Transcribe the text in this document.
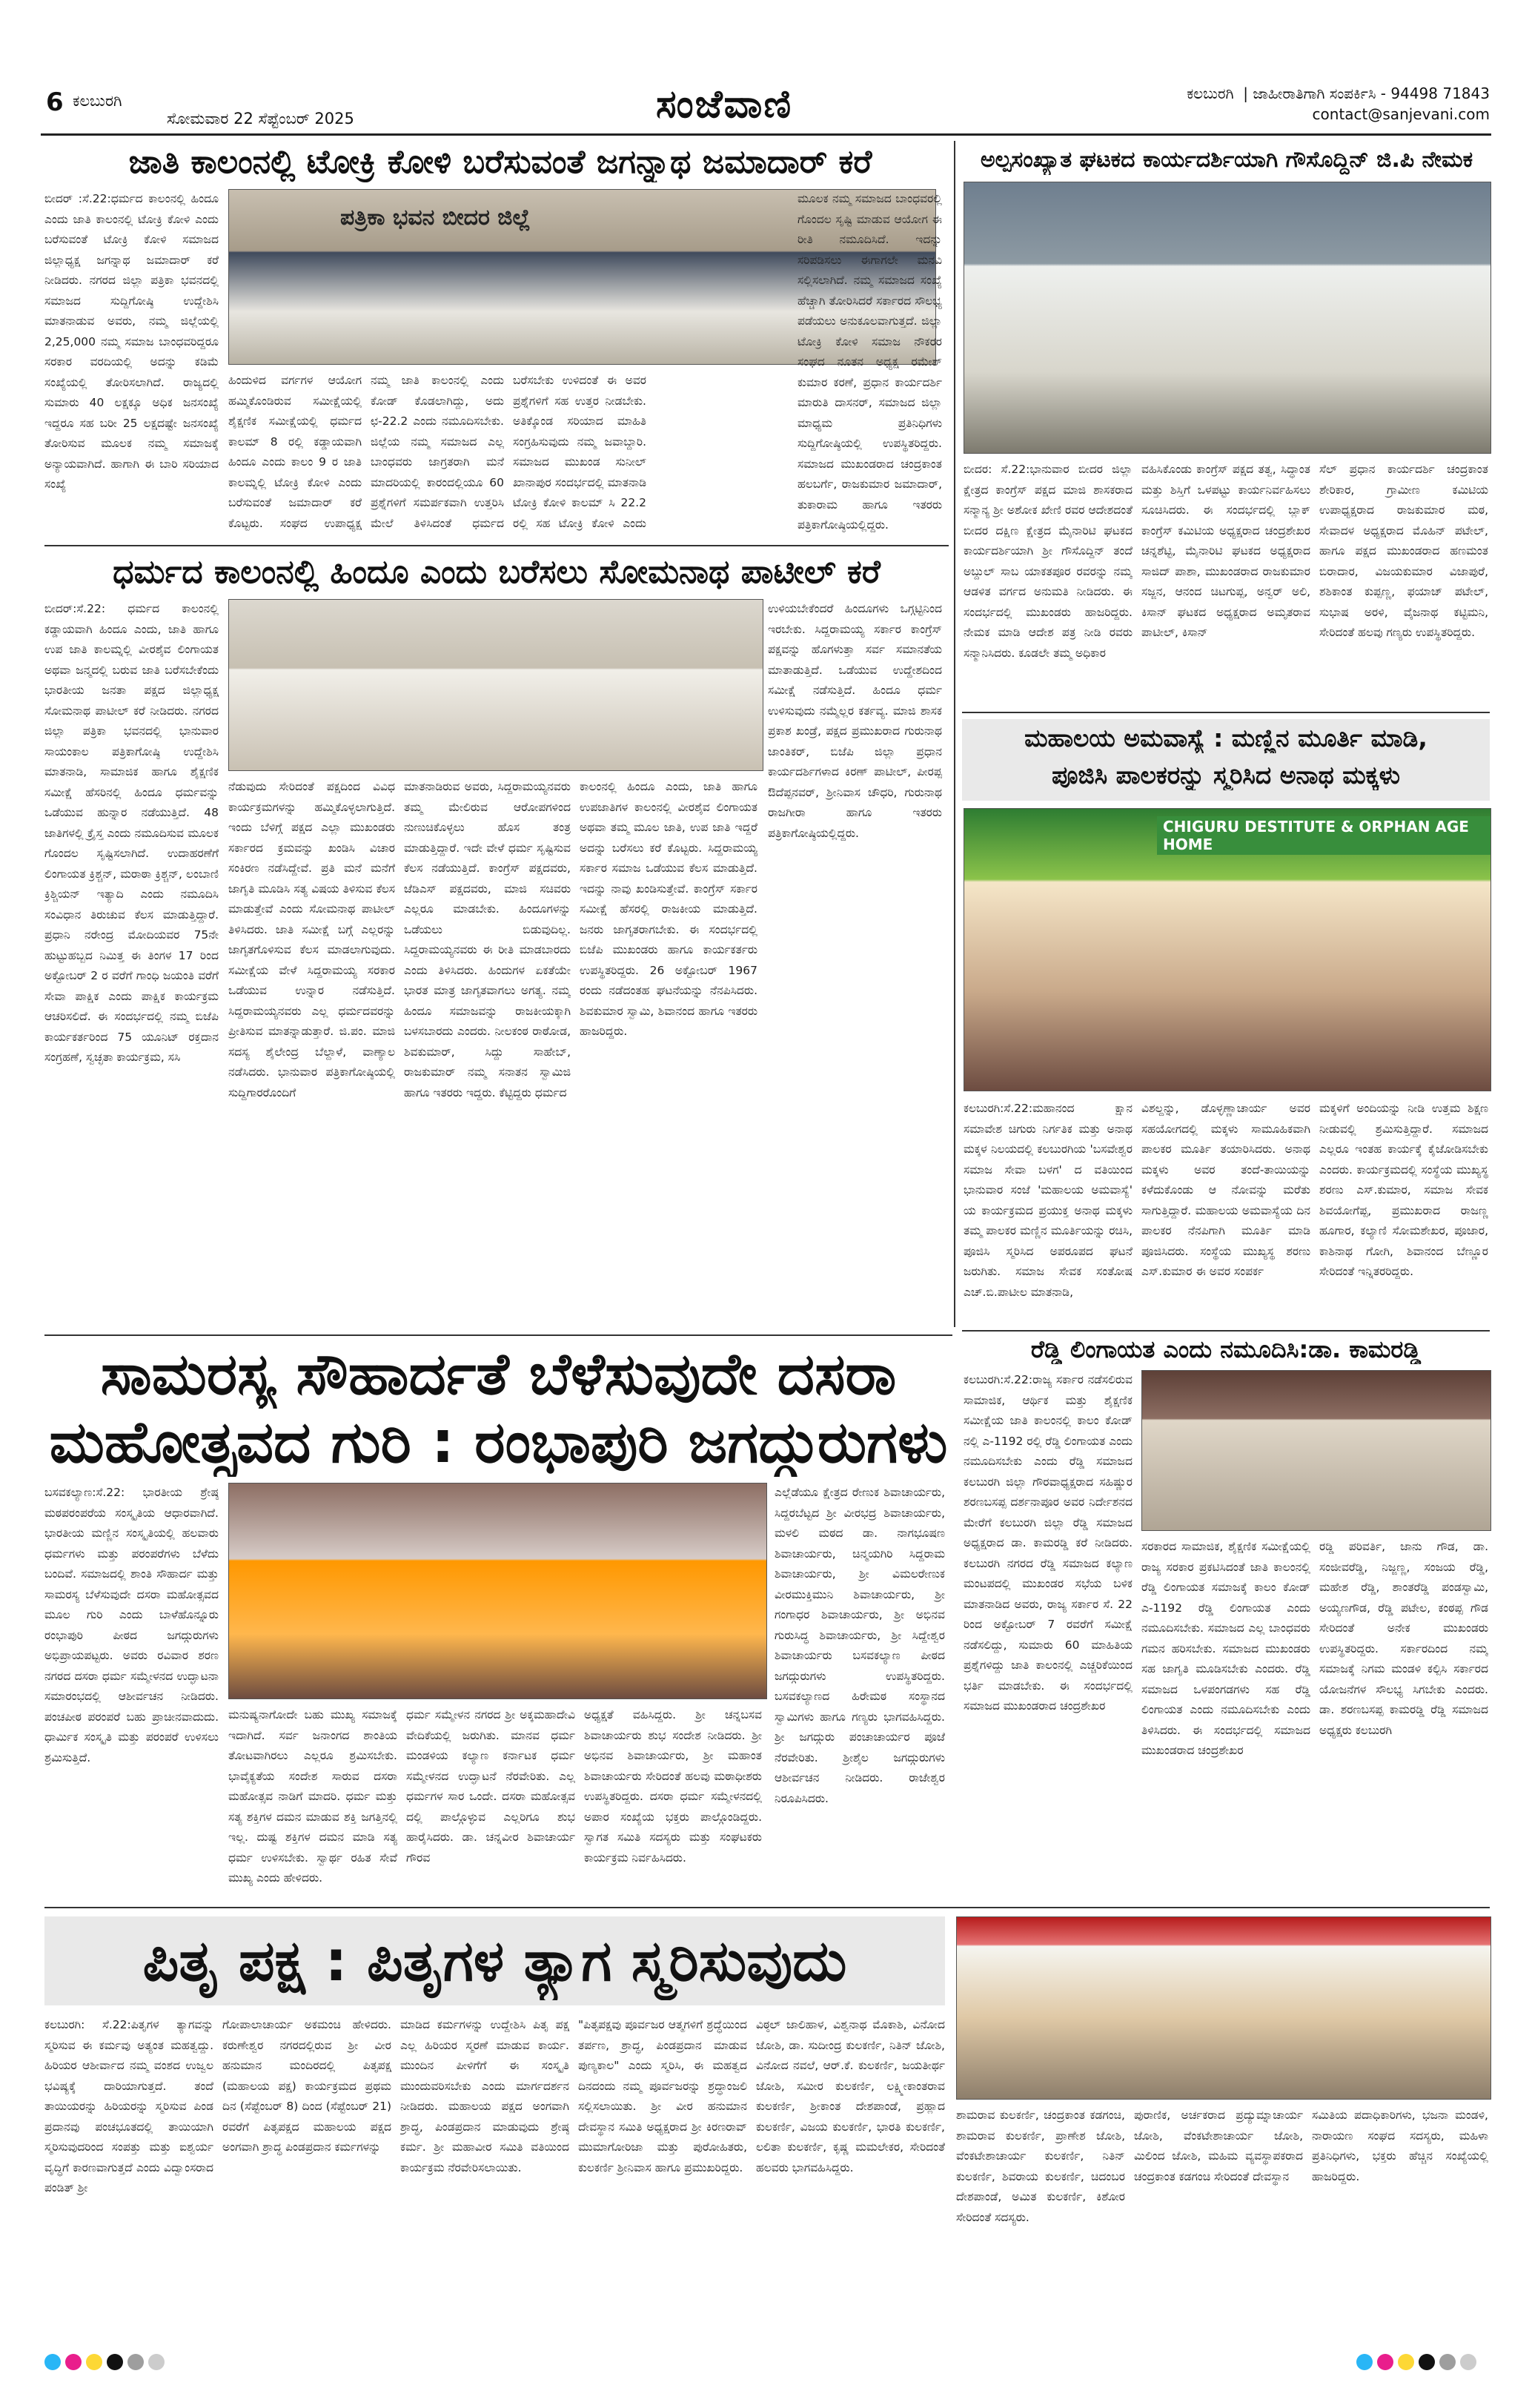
6 ಕಲಬುರಗಿ
ಸೋಮವಾರ 22 ಸೆಪ್ಟೆಂಬರ್ 2025	ಸಂಜೆವಾಣಿ	ಕಲಬುರಗಿ | ಜಾಹೀರಾತಿಗಾಗಿ ಸಂಪರ್ಕಿಸಿ - 94498 71843
contact@sanjevani.com
ಜಾತಿ ಕಾಲಂನಲ್ಲಿ ಟೋಕ್ರಿ ಕೋಳಿ ಬರೆಸುವಂತೆ ಜಗನ್ನಾಥ ಜಮಾದಾರ್ ಕರೆ

ಬೀದರ್ :ಸೆ.22:ಧರ್ಮದ ಕಾಲಂನಲ್ಲಿ ಹಿಂದೂ ಎಂದು ಜಾತಿ ಕಾಲಂನಲ್ಲಿ ಟೋಕ್ರಿ ಕೋಳಿ ಎಂದು ಬರೆಸುವಂತೆ ಟೋಕ್ರಿ ಕೋಳಿ ಸಮಾಜದ ಜಿಲ್ಲಾಧ್ಯಕ್ಷ ಜಗನ್ನಾಥ ಜಮಾದಾರ್ ಕರೆ ನೀಡಿದರು. ನಗರದ ಜಿಲ್ಲಾ ಪತ್ರಿಕಾ ಭವನದಲ್ಲಿ ಸಮಾಜದ ಸುದ್ದಿಗೋಷ್ಠಿ ಉದ್ದೇಶಿಸಿ ಮಾತನಾಡುವ ಅವರು, ನಮ್ಮ ಜಿಲ್ಲೆಯಲ್ಲಿ 2,25,000 ನಮ್ಮ ಸಮಾಜ ಬಾಂಧವರಿದ್ದರೂ ಸರಕಾರ ವರದಿಯಲ್ಲಿ ಅದನ್ನು ಕಡಿಮೆ ಸಂಖ್ಯೆಯಲ್ಲಿ ತೋರಿಸಲಾಗಿದೆ. ರಾಜ್ಯದಲ್ಲಿ ಸುಮಾರು 40 ಲಕ್ಷಕ್ಕೂ ಅಧಿಕ ಜನಸಂಖ್ಯೆ ಇದ್ದರೂ ಸಹ ಬರೀ 25 ಲಕ್ಷದಷ್ಟೇ ಜನಸಂಖ್ಯೆ ತೋರಿಸುವ ಮೂಲಕ ನಮ್ಮ ಸಮಾಜಕ್ಕೆ ಅನ್ಯಾಯವಾಗಿದೆ. ಹಾಗಾಗಿ ಈ ಬಾರಿ ಸರಿಯಾದ ಸಂಖ್ಯೆ

ಪತ್ರಿಕಾ ಭವನ ಬೀದರ ಜಿಲ್ಲೆ

ಹಿಂದುಳಿದ ವರ್ಗಗಳ ಆಯೋಗ ಹಮ್ಮಿಕೊಂಡಿರುವ ಸಮೀಕ್ಷೆಯಲ್ಲಿ ಶೈಕ್ಷಣಿಕ ಸಮೀಕ್ಷೆಯಲ್ಲಿ ಧರ್ಮದ ಕಾಲಮ್ 8 ರಲ್ಲಿ ಕಡ್ಡಾಯವಾಗಿ ಹಿಂದೂ ಎಂದು ಕಾಲಂ 9 ರ ಜಾತಿ ಕಾಲಮ್ನಲ್ಲಿ ಟೋಕ್ರಿ ಕೋಳಿ ಎಂದು ಬರೆಸುವಂತೆ ಜಮಾದಾರ್ ಕರೆ ಕೊಟ್ಟರು. ಸಂಘದ ಉಪಾಧ್ಯಕ್ಷ

ನಮ್ಮ ಜಾತಿ ಕಾಲಂನಲ್ಲಿ ಎಂದು ಕೋಡ್ ಕೊಡಲಾಗಿದ್ದು, ಅದು ಛ-22.2 ಎಂದು ನಮೂದಿಸಬೇಕು. ಜಿಲ್ಲೆಯ ನಮ್ಮ ಸಮಾಜದ ಎಲ್ಲ ಬಾಂಧವರು ಜಾಗ್ರತರಾಗಿ ಮನೆ ಮಾದರಿಯಲ್ಲಿ ಕಾರಂದಲ್ಲಿಯೂ 60 ಪ್ರಶ್ನೆಗಳಿಗೆ ಸಮರ್ಪಕವಾಗಿ ಉತ್ತರಿಸಿ ಮೇಲೆ ತಿಳಿಸಿದಂತೆ ಧರ್ಮದ

ಬರೆಸಬೇಕು ಉಳಿದಂತೆ ಈ ಅವರ ಪ್ರಶ್ನೆಗಳಿಗೆ ಸಹ ಉತ್ತರ ನೀಡಬೇಕು. ಅತಿಕ್ಕೊಂಡ ಸರಿಯಾದ ಮಾಹಿತಿ ಸಂಗ್ರಹಿಸುವುದು ನಮ್ಮ ಜವಾಬ್ದಾರಿ. ಸಮಾಜದ ಮುಖಂಡ ಸುನೀಲ್ ಖಾನಾಪುರ ಸಂದರ್ಭದಲ್ಲಿ ಮಾತನಾಡಿ ಟೋಕ್ರಿ ಕೋಳಿ ಕಾಲಮ್ ಸಿ 22.2 ರಲ್ಲಿ ಸಹ ಟೋಕ್ರಿ ಕೋಳಿ ಎಂದು

ಮೂಲಕ ನಮ್ಮ ಸಮಾಜದ ಬಾಂಧವರಲ್ಲಿ ಗೊಂದಲ ಸೃಷ್ಟಿ ಮಾಡುವ ಆಯೋಗ ಈ ರೀತಿ ನಮೂದಿಸಿದೆ. ಇದನ್ನು ಸರಿಪಡಿಸಲು ಈಗಾಗಲೇ ಮನವಿ ಸಲ್ಲಿಸಲಾಗಿದೆ. ನಮ್ಮ ಸಮಾಜದ ಸಂಖ್ಯೆ ಹೆಚ್ಚಾಗಿ ತೋರಿಸಿದರೆ ಸರ್ಕಾರದ ಸೌಲಭ್ಯ ಪಡೆಯಲು ಅನುಕೂಲವಾಗುತ್ತದೆ. ಜಿಲ್ಲಾ ಟೋಕ್ರಿ ಕೋಳಿ ಸಮಾಜ ನೌಕರರ ಸಂಘದ ನೂತನ ಅಧ್ಯಕ್ಷ ರಮೇಶ್ ಕುಮಾರ ಕರಣೆ, ಪ್ರಧಾನ ಕಾರ್ಯದರ್ಶಿ ಮಾರುತಿ ದಾಸನರ್, ಸಮಾಜದ ಜಿಲ್ಲಾ ಮಾಧ್ಯಮ ಪ್ರತಿನಿಧಿಗಳು ಸುದ್ದಿಗೋಷ್ಠಿಯಲ್ಲಿ ಉಪಸ್ಥಿತರಿದ್ದರು. ಸಮಾಜದ ಮುಖಂಡರಾದ ಚಂದ್ರಕಾಂತ ಹಲಬರ್ಗೆ, ರಾಜಕುಮಾರ ಜಮಾದಾರ್, ತುಕಾರಾಮ ಹಾಗೂ ಇತರರು ಪತ್ರಿಕಾಗೋಷ್ಠಿಯಲ್ಲಿದ್ದರು.

ಧರ್ಮದ ಕಾಲಂನಲ್ಲಿ ಹಿಂದೂ ಎಂದು ಬರೆಸಲು ಸೋಮನಾಥ ಪಾಟೀಲ್ ಕರೆ

ಬೀದರ್:ಸೆ.22: ಧರ್ಮದ ಕಾಲಂನಲ್ಲಿ ಕಡ್ಡಾಯವಾಗಿ ಹಿಂದೂ ಎಂದು, ಜಾತಿ ಹಾಗೂ ಉಪ ಜಾತಿ ಕಾಲಮ್ನಲ್ಲಿ ವೀರಶೈವ ಲಿಂಗಾಯತ ಅಥವಾ ಜನ್ಮದಲ್ಲಿ ಬರುವ ಜಾತಿ ಬರೆಸಬೇಕೆಂದು ಭಾರತೀಯ ಜನತಾ ಪಕ್ಷದ ಜಿಲ್ಲಾಧ್ಯಕ್ಷ ಸೋಮನಾಥ ಪಾಟೀಲ್ ಕರೆ ನೀಡಿದರು. ನಗರದ ಜಿಲ್ಲಾ ಪತ್ರಿಕಾ ಭವನದಲ್ಲಿ ಭಾನುವಾರ ಸಾಯಂಕಾಲ ಪತ್ರಿಕಾಗೋಷ್ಠಿ ಉದ್ದೇಶಿಸಿ ಮಾತನಾಡಿ, ಸಾಮಾಜಿಕ ಹಾಗೂ ಶೈಕ್ಷಣಿಕ ಸಮೀಕ್ಷೆ ಹೆಸರಿನಲ್ಲಿ ಹಿಂದೂ ಧರ್ಮವನ್ನು ಒಡೆಯುವ ಹುನ್ನಾರ ನಡೆಯುತ್ತಿದೆ. 48 ಜಾತಿಗಳಲ್ಲಿ ಕ್ರೈಸ್ತ ಎಂದು ನಮೂದಿಸುವ ಮೂಲಕ ಗೊಂದಲ ಸೃಷ್ಟಿಸಲಾಗಿದೆ. ಉದಾಹರಣೆಗೆ ಲಿಂಗಾಯತ ಕ್ರಿಶ್ಚನ್, ಮರಾಠಾ ಕ್ರಿಶ್ಚನ್, ಲಂಬಾಣಿ ಕ್ರಿಶ್ಚಿಯನ್ ಇತ್ಯಾದಿ ಎಂದು ನಮೂದಿಸಿ ಸಂವಿಧಾನ ತಿರುಚುವ ಕೆಲಸ ಮಾಡುತ್ತಿದ್ದಾರೆ. ಪ್ರಧಾನಿ ನರೇಂದ್ರ ಮೋದಿಯವರ 75ನೇ ಹುಟ್ಟುಹಬ್ಬದ ನಿಮಿತ್ತ ಈ ತಿಂಗಳ 17 ರಿಂದ ಅಕ್ಟೋಬರ್ 2 ರ ವರೆಗೆ ಗಾಂಧಿ ಜಯಂತಿ ವರೆಗೆ ಸೇವಾ ಪಾಕ್ಷಿಕ ಎಂದು ಪಾಕ್ಷಿಕ ಕಾರ್ಯಕ್ರಮ ಆಚರಿಸಲಿದೆ. ಈ ಸಂದರ್ಭದಲ್ಲಿ ನಮ್ಮ ಬಿಜೆಪಿ ಕಾರ್ಯಕರ್ತರಿಂದ 75 ಯೂನಿಟ್ ರಕ್ತದಾನ ಸಂಗ್ರಹಣೆ, ಸ್ವಚ್ಛತಾ ಕಾರ್ಯಕ್ರಮ, ಸಸಿ

ನೆಡುವುದು ಸೇರಿದಂತೆ ಪಕ್ಷದಿಂದ ವಿವಿಧ ಕಾರ್ಯಕ್ರಮಗಳನ್ನು ಹಮ್ಮಿಕೊಳ್ಳಲಾಗುತ್ತಿದೆ. ಇಂದು ಬೆಳಿಗ್ಗೆ ಪಕ್ಷದ ಎಲ್ಲಾ ಮುಖಂಡರು ಸರ್ಕಾರದ ಕ್ರಮವನ್ನು ಖಂಡಿಸಿ ವಿಚಾರ ಸಂಕಿರಣ ನಡೆಸಿದ್ದೇವೆ. ಪ್ರತಿ ಮನೆ ಮನೆಗೆ ಜಾಗೃತಿ ಮೂಡಿಸಿ ಸತ್ಯ ವಿಷಯ ತಿಳಿಸುವ ಕೆಲಸ ಮಾಡುತ್ತೇವೆ ಎಂದು ಸೋಮನಾಥ ಪಾಟೀಲ್ ತಿಳಿಸಿದರು. ಜಾತಿ ಸಮೀಕ್ಷೆ ಬಗ್ಗೆ ಎಲ್ಲರನ್ನು ಜಾಗೃತಗೊಳಿಸುವ ಕೆಲಸ ಮಾಡಲಾಗುವುದು. ಸಮೀಕ್ಷೆಯ ವೇಳೆ ಸಿದ್ದರಾಮಯ್ಯ ಸರಕಾರ ಒಡೆಯುವ ಉನ್ನಾರ ನಡೆಸುತ್ತಿದೆ. ಸಿದ್ದರಾಮಯ್ಯನವರು ಎಲ್ಲ ಧರ್ಮದವರನ್ನು ಪ್ರೀತಿಸುವ ಮಾತನ್ನಾಡುತ್ತಾರೆ. ಜಿ.ಪಂ. ಮಾಜಿ ಸದಸ್ಯ ಶೈಲೇಂದ್ರ ಬೆಲ್ದಾಳೆ, ವಾಣ್ಯಾಲ ನಡೆಸಿದರು. ಭಾನುವಾರ ಪತ್ರಿಕಾಗೋಷ್ಠಿಯಲ್ಲಿ ಸುದ್ದಿಗಾರರೊಂದಿಗೆ

ಮಾತನಾಡಿರುವ ಅವರು, ಸಿದ್ದರಾಮಯ್ಯನವರು ತಮ್ಮ ಮೇಲಿರುವ ಆರೋಪಗಳಿಂದ ನುಣುಚಿಕೊಳ್ಳಲು ಹೊಸ ತಂತ್ರ ಮಾಡುತ್ತಿದ್ದಾರೆ. ಇದೇ ವೇಳೆ ಧರ್ಮ ಸೃಷ್ಟಿಸುವ ಕೆಲಸ ನಡೆಯುತ್ತಿದೆ. ಕಾಂಗ್ರೆಸ್ ಪಕ್ಷದವರು, ಜೆಡಿಎಸ್ ಪಕ್ಷದವರು, ಮಾಜಿ ಸಚಿವರು ಎಲ್ಲರೂ ಮಾಡಬೇಕು. ಹಿಂದೂಗಳನ್ನು ಒಡೆಯಲು ಬಿಡುವುದಿಲ್ಲ. ಸಿದ್ದರಾಮಯ್ಯನವರು ಈ ರೀತಿ ಮಾಡಬಾರದು ಎಂದು ತಿಳಿಸಿದರು. ಹಿಂದುಗಳ ಏಕತೆಯೇ ಭಾರತ ಮಾತ್ರ ಜಾಗೃತವಾಗಲು ಅಗತ್ಯ. ನಮ್ಮ ಹಿಂದೂ ಸಮಾಜವನ್ನು ರಾಜಕೀಯಕ್ಕಾಗಿ ಬಳಸಬಾರದು ಎಂದರು. ನೀಲಕಂಠ ರಾಠೋಡ, ಶಿವಕುಮಾರ್, ಸಿದ್ದು ಸಾಹೇಬ್, ರಾಜಕುಮಾರ್ ನಮ್ಮ ಸನಾತನ ಸ್ವಾಮಿಜಿ ಹಾಗೂ ಇತರರು ಇದ್ದರು. ಕೆಟ್ಟಿದ್ದರು ಧರ್ಮದ

ಕಾಲಂನಲ್ಲಿ ಹಿಂದೂ ಎಂದು, ಜಾತಿ ಹಾಗೂ ಉಪಜಾತಿಗಳ ಕಾಲಂನಲ್ಲಿ ವೀರಶೈವ ಲಿಂಗಾಯತ ಅಥವಾ ತಮ್ಮ ಮೂಲ ಜಾತಿ, ಉಪ ಜಾತಿ ಇದ್ದರೆ ಅದನ್ನು ಬರೆಸಲು ಕರೆ ಕೊಟ್ಟರು. ಸಿದ್ದರಾಮಯ್ಯ ಸರ್ಕಾರ ಸಮಾಜ ಒಡೆಯುವ ಕೆಲಸ ಮಾಡುತ್ತಿದೆ. ಇದನ್ನು ನಾವು ಖಂಡಿಸುತ್ತೇವೆ. ಕಾಂಗ್ರೆಸ್ ಸರ್ಕಾರ ಸಮೀಕ್ಷೆ ಹೆಸರಲ್ಲಿ ರಾಜಕೀಯ ಮಾಡುತ್ತಿದೆ. ಜನರು ಜಾಗೃತರಾಗಬೇಕು. ಈ ಸಂದರ್ಭದಲ್ಲಿ ಬಿಜೆಪಿ ಮುಖಂಡರು ಹಾಗೂ ಕಾರ್ಯಕರ್ತರು ಉಪಸ್ಥಿತರಿದ್ದರು. 26 ಅಕ್ಟೋಬರ್ 1967 ರಂದು ನಡೆದಂತಹ ಘಟನೆಯನ್ನು ನೆನಪಿಸಿದರು. ಶಿವಕುಮಾರ ಸ್ವಾಮಿ, ಶಿವಾನಂದ ಹಾಗೂ ಇತರರು ಹಾಜರಿದ್ದರು.

ಉಳಿಯಬೇಕೆಂದರೆ ಹಿಂದೂಗಳು ಒಗ್ಗಟ್ಟಿನಿಂದ ಇರಬೇಕು. ಸಿದ್ದರಾಮಯ್ಯ ಸರ್ಕಾರ ಕಾಂಗ್ರೆಸ್ ಪಕ್ಷವನ್ನು ಹೊಗಳುತ್ತಾ ಸರ್ವ ಸಮಾನತೆಯ ಮಾತಾಡುತ್ತಿದೆ. ಒಡೆಯುವ ಉದ್ದೇಶದಿಂದ ಸಮೀಕ್ಷೆ ನಡೆಸುತ್ತಿದೆ. ಹಿಂದೂ ಧರ್ಮ ಉಳಿಸುವುದು ನಮ್ಮೆಲ್ಲರ ಕರ್ತವ್ಯ. ಮಾಜಿ ಶಾಸಕ ಪ್ರಕಾಶ ಖಂಡ್ರೆ, ಪಕ್ಷದ ಪ್ರಮುಖರಾದ ಗುರುನಾಥ ಜಾಂತಿಕರ್, ಬಿಜೆಪಿ ಜಿಲ್ಲಾ ಪ್ರಧಾನ ಕಾರ್ಯದರ್ಶಿಗಳಾದ ಕಿರಣ್ ಪಾಟೀಲ್, ಪೀರಪ್ಪ ಔದೆಪ್ಪನವರ್, ಶ್ರೀನಿವಾಸ ಚೌಧರಿ, ಗುರುನಾಥ ರಾಜಗೀರಾ ಹಾಗೂ ಇತರರು ಪತ್ರಿಕಾಗೋಷ್ಠಿಯಲ್ಲಿದ್ದರು.

ಅಲ್ಪಸಂಖ್ಯಾತ ಘಟಕದ ಕಾರ್ಯದರ್ಶಿಯಾಗಿ ಗೌಸೊದ್ದಿನ್ ಜಿ.ಪಿ ನೇಮಕ

ಬೀದರ: ಸೆ.22:ಭಾನುವಾರ ಬೀದರ ಜಿಲ್ಲಾ ಕ್ಷೇತ್ರದ ಕಾಂಗ್ರೆಸ್ ಪಕ್ಷದ ಮಾಜಿ ಶಾಸಕರಾದ ಸನ್ಮಾನ್ಯ ಶ್ರೀ ಅಶೋಕ ಖೇಣಿ ರವರ ಆದೇಶದಂತೆ ಬೀದರ ದಕ್ಷಿಣ ಕ್ಷೇತ್ರದ ಮೈನಾರಿಟಿ ಘಟಕದ ಕಾರ್ಯದರ್ಶಿಯಾಗಿ ಶ್ರೀ ಗೌಸೊದ್ದಿನ್ ತಂದೆ ಅಬ್ದುಲ್ ಸಾಬ ಯಾಕತಪೂರ ರವರನ್ನು ನಮ್ಮ ಆಡಳಿತ ವರ್ಗದ ಅನುಮತಿ ನೀಡಿದರು. ಈ ಸಂದರ್ಭದಲ್ಲಿ ಮುಖಂಡರು ಹಾಜರಿದ್ದರು. ನೇಮಕ ಮಾಡಿ ಆದೇಶ ಪತ್ರ ನೀಡಿ ರವರು ಸನ್ಮಾನಿಸಿದರು. ಕೂಡಲೇ ತಮ್ಮ ಅಧಿಕಾರ

ವಹಿಸಿಕೊಂಡು ಕಾಂಗ್ರೆಸ್ ಪಕ್ಷದ ತತ್ವ, ಸಿದ್ಧಾಂತ ಮತ್ತು ಶಿಸ್ತಿಗೆ ಒಳಪಟ್ಟು ಕಾರ್ಯನಿರ್ವಹಿಸಲು ಸೂಚಿಸಿದರು. ಈ ಸಂದರ್ಭದಲ್ಲಿ ಬ್ಲಾಕ್ ಕಾಂಗ್ರೆಸ್ ಕಮಿಟಿಯ ಅಧ್ಯಕ್ಷರಾದ ಚಂದ್ರಶೇಖರ ಚನ್ನಶೆಟ್ಟಿ, ಮೈನಾರಿಟಿ ಘಟಕದ ಅಧ್ಯಕ್ಷರಾದ ಸಾಜಿದ್ ಪಾಶಾ, ಮುಖಂಡರಾದ ರಾಜಕುಮಾರ ಸಜ್ಜನ, ಆನಂದ ಚಿಟಗುಪ್ಪ, ಅನ್ವರ್ ಅಲಿ, ಕಿಸಾನ್ ಘಟಕದ ಅಧ್ಯಕ್ಷರಾದ ಅಮೃತರಾವ ಪಾಟೀಲ್, ಕಿಸಾನ್

ಸೆಲ್ ಪ್ರಧಾನ ಕಾರ್ಯದರ್ಶಿ ಚಂದ್ರಕಾಂತ ಶೇರಿಕಾರ, ಗ್ರಾಮೀಣ ಕಮಿಟಿಯ ಉಪಾಧ್ಯಕ್ಷರಾದ ರಾಜಕುಮಾರ ಮಠ, ಸೇವಾದಳ ಅಧ್ಯಕ್ಷರಾದ ಮೊಹಿನ್ ಪಟೇಲ್, ಹಾಗೂ ಪಕ್ಷದ ಮುಖಂಡರಾದ ಹಣಮಂತ ಬಿರಾದಾರ, ವಿಜಯಕುಮಾರ ವಿಜಾಪುರೆ, ಶಶಿಕಾಂತ ಕುಪ್ಪಣ್ಣ, ಫಯಾಜ್ ಪಟೇಲ್, ಸುಭಾಷ ಅರಳಿ, ವೈಜನಾಥ ಕಟ್ಟಿಮನಿ, ಸೇರಿದಂತೆ ಹಲವು ಗಣ್ಯರು ಉಪಸ್ಥಿತರಿದ್ದರು.

ಮಹಾಲಯ ಅಮವಾಸ್ಯೆ : ಮಣ್ಣಿನ ಮೂರ್ತಿ ಮಾಡಿ,
ಪೂಜಿಸಿ ಪಾಲಕರನ್ನು ಸ್ಮರಿಸಿದ ಅನಾಥ ಮಕ್ಕಳು
CHIGURU DESTITUTE & ORPHAN AGE HOME

ಕಲಬುರಗಿ:ಸೆ.22:ಮಹಾನಂದ ಕ್ಷಾನ ಸಮಾವೇಶ ಚಿಗುರು ನಿರ್ಗತಿಕ ಮತ್ತು ಅನಾಥ ಮಕ್ಕಳ ನಿಲಯದಲ್ಲಿ ಕಲಬುರಗಿಯ 'ಬಸವೇಶ್ವರ ಸಮಾಜ ಸೇವಾ ಬಳಗ' ದ ವತಿಯಿಂದ ಭಾನುವಾರ ಸಂಜೆ 'ಮಹಾಲಯ ಅಮವಾಸ್ಯೆ' ಯ ಕಾರ್ಯಕ್ರಮದ ಪ್ರಯುಕ್ತ ಅನಾಥ ಮಕ್ಕಳು ತಮ್ಮ ಪಾಲಕರ ಮಣ್ಣಿನ ಮೂರ್ತಿಯನ್ನು ರಚಿಸಿ, ಪೂಜಿಸಿ ಸ್ಮರಿಸಿದ ಅಪರೂಪದ ಘಟನೆ ಜರುಗಿತು. ಸಮಾಜ ಸೇವಕ ಸಂತೋಷ ಎಚ್.ಬಿ.ಪಾಟೀಲ ಮಾತನಾಡಿ,

ವಿಶಲ್ದನ್ನು, ಡೊಳ್ಳಣ್ಣಾಚಾರ್ಯ ಅವರ ಸಹಯೋಗದಲ್ಲಿ ಮಕ್ಕಳು ಸಾಮೂಹಿಕವಾಗಿ ಪಾಲಕರ ಮೂರ್ತಿ ತಯಾರಿಸಿದರು. ಅನಾಥ ಮಕ್ಕಳು ಅವರ ತಂದೆ-ತಾಯಿಯನ್ನು ಕಳೆದುಕೊಂಡು ಆ ನೋವನ್ನು ಮರೆತು ಸಾಗುತ್ತಿದ್ದಾರೆ. ಮಹಾಲಯ ಅಮವಾಸ್ಯೆಯ ದಿನ ಪಾಲಕರ ನೆನಪಿಗಾಗಿ ಮೂರ್ತಿ ಮಾಡಿ ಪೂಜಿಸಿದರು. ಸಂಸ್ಥೆಯ ಮುಖ್ಯಸ್ಥ ಶರಣು ಎಸ್.ಕುಮಾರ ಈ ಅವರ ಸಂಪರ್ಕ

ಮಕ್ಕಳಿಗೆ ಅಂದಿಯನ್ನು ನೀಡಿ ಉತ್ತಮ ಶಿಕ್ಷಣ ನೀಡುವಲ್ಲಿ ಶ್ರಮಿಸುತ್ತಿದ್ದಾರೆ. ಸಮಾಜದ ಎಲ್ಲರೂ ಇಂತಹ ಕಾರ್ಯಕ್ಕೆ ಕೈಜೋಡಿಸಬೇಕು ಎಂದರು. ಕಾರ್ಯಕ್ರಮದಲ್ಲಿ ಸಂಸ್ಥೆಯ ಮುಖ್ಯಸ್ಥ ಶರಣು ಎಸ್.ಕುಮಾರ, ಸಮಾಜ ಸೇವಕ ಶಿವಯೋಗೆಪ್ಪ, ಪ್ರಮುಖರಾದ ರಾಜಣ್ಣ ಹೂಗಾರ, ಕಲ್ಯಾಣಿ ಸೋಮಶೇಖರ, ಪೂಜಾರ, ಕಾಶಿನಾಥ ಗೋಗಿ, ಶಿವಾನಂದ ಬೆಣ್ಣೂರ ಸೇರಿದಂತೆ ಇನ್ನಿತರರಿದ್ದರು.

ರೆಡ್ಡಿ ಲಿಂಗಾಯತ ಎಂದು ನಮೂದಿಸಿ:ಡಾ. ಕಾಮರಡ್ಡಿ

ಕಲಬುರಗಿ:ಸೆ.22:ರಾಜ್ಯ ಸರ್ಕಾರ ನಡೆಸಲಿರುವ ಸಾಮಾಜಿಕ, ಆರ್ಥಿಕ ಮತ್ತು ಶೈಕ್ಷಣಿಕ ಸಮೀಕ್ಷೆಯ ಜಾತಿ ಕಾಲಂನಲ್ಲಿ ಕಾಲಂ ಕೋಡ್ ನಲ್ಲಿ ಎ-1192 ರಲ್ಲಿ ರೆಡ್ಡಿ ಲಿಂಗಾಯತ ಎಂದು ನಮೂದಿಸಬೇಕು ಎಂದು ರೆಡ್ಡಿ ಸಮಾಜದ ಕಲಬುರಗಿ ಜಿಲ್ಲಾ ಗೌರವಾಧ್ಯಕ್ಷರಾದ ಸಹಿಷ್ಣುರ ಶರಣಬಸಪ್ಪ ದರ್ಶನಾಪೂರ ಅವರ ನಿರ್ದೇಶನದ ಮೇರೆಗೆ ಕಲಬುರಗಿ ಜಿಲ್ಲಾ ರೆಡ್ಡಿ ಸಮಾಜದ ಅಧ್ಯಕ್ಷರಾದ ಡಾ. ಕಾಮರಡ್ಡಿ ಕರೆ ನೀಡಿದರು. ಕಲಬುರಗಿ ನಗರದ ರೆಡ್ಡಿ ಸಮಾಜದ ಕಲ್ಯಾಣ ಮಂಟಪದಲ್ಲಿ ಮುಖಂಡರ ಸಭೆಯ ಬಳಿಕ ಮಾತನಾಡಿದ ಅವರು, ರಾಜ್ಯ ಸರ್ಕಾರ ಸೆ. 22 ರಿಂದ ಅಕ್ಟೋಬರ್ 7 ರವರೆಗೆ ಸಮೀಕ್ಷೆ ನಡೆಸಲಿದ್ದು, ಸುಮಾರು 60 ಮಾಹಿತಿಯ ಪ್ರಶ್ನೆಗಳಿದ್ದು ಜಾತಿ ಕಾಲಂನಲ್ಲಿ ಎಚ್ಚರಿಕೆಯಿಂದ ಭರ್ತಿ ಮಾಡಬೇಕು. ಈ ಸಂದರ್ಭದಲ್ಲಿ ಸಮಾಜದ ಮುಖಂಡರಾದ ಚಂದ್ರಶೇಖರ

ಸರಕಾರದ ಸಾಮಾಜಿಕ, ಶೈಕ್ಷಣಿಕ ಸಮೀಕ್ಷೆಯಲ್ಲಿ ರಾಜ್ಯ ಸರಕಾರ ಪ್ರಕಟಿಸಿದಂತೆ ಜಾತಿ ಕಾಲಂನಲ್ಲಿ ರೆಡ್ಡಿ ಲಿಂಗಾಯತ ಸಮಾಜಕ್ಕೆ ಕಾಲಂ ಕೋಡ್ ಎ-1192 ರೆಡ್ಡಿ ಲಿಂಗಾಯತ ಎಂದು ನಮೂದಿಸಬೇಕು. ಸಮಾಜದ ಎಲ್ಲ ಬಾಂಧವರು ಗಮನ ಹರಿಸಬೇಕು. ಸಮಾಜದ ಮುಖಂಡರು ಸಹ ಜಾಗೃತಿ ಮೂಡಿಸಬೇಕು ಎಂದರು. ರೆಡ್ಡಿ ಸಮಾಜದ ಒಳಪಂಗಡಗಳು ಸಹ ರೆಡ್ಡಿ ಲಿಂಗಾಯತ ಎಂದು ನಮೂದಿಸಬೇಕು ಎಂದು ತಿಳಿಸಿದರು. ಈ ಸಂದರ್ಭದಲ್ಲಿ ಸಮಾಜದ ಮುಖಂಡರಾದ ಚಂದ್ರಶೇಖರ

ರಡ್ಡಿ ಪರಿವರ್ತಿ, ಜಾನು ಗೌಡ, ಡಾ. ಸಂಜೀವರೆಡ್ಡಿ, ನಿಜ್ಜಣ್ಣ, ಸಂಜಯ ರೆಡ್ಡಿ, ಮಹೇಶ ರೆಡ್ಡಿ, ಶಾಂತರೆಡ್ಡಿ ಪಂಡಸ್ವಾಮಿ, ಅಯ್ಯಣಗೌಡ, ರೆಡ್ಡಿ ಪಟೇಲ, ಕಂಠಪ್ಪ ಗೌಡ ಸೇರಿದಂತೆ ಅನೇಕ ಮುಖಂಡರು ಉಪಸ್ಥಿತರಿದ್ದರು. ಸರ್ಕಾರದಿಂದ ನಮ್ಮ ಸಮಾಜಕ್ಕೆ ನಿಗಮ ಮಂಡಳಿ ಕಲ್ಪಿಸಿ ಸರ್ಕಾರದ ಯೋಜನೆಗಳ ಸೌಲಭ್ಯ ಸಿಗಬೇಕು ಎಂದರು. ಡಾ. ಶರಣಬಸಪ್ಪ ಕಾಮರಡ್ಡಿ ರೆಡ್ಡಿ ಸಮಾಜದ ಅಧ್ಯಕ್ಷರು ಕಲಬುರಗಿ

ಸಾಮರಸ್ಯ ಸೌಹಾರ್ದತೆ ಬೆಳೆಸುವುದೇ ದಸರಾ
ಮಹೋತ್ಸವದ ಗುರಿ : ರಂಭಾಪುರಿ ಜಗದ್ಗುರುಗಳು

ಬಸವಕಲ್ಯಾಣ:ಸೆ.22: ಭಾರತೀಯ ಶ್ರೇಷ್ಠ ಮಠಪರಂಪರೆಯ ಸಂಸ್ಕೃತಿಯ ಆಧಾರವಾಗಿದೆ. ಭಾರತೀಯ ಮಣ್ಣಿನ ಸಂಸ್ಕೃತಿಯಲ್ಲಿ ಹಲವಾರು ಧರ್ಮಗಳು ಮತ್ತು ಪರಂಪರೆಗಳು ಬೆಳೆದು ಬಂದಿವೆ. ಸಮಾಜದಲ್ಲಿ ಶಾಂತಿ ಸೌಹಾರ್ದ ಮತ್ತು ಸಾಮರಸ್ಯ ಬೆಳೆಸುವುದೇ ದಸರಾ ಮಹೋತ್ಸವದ ಮೂಲ ಗುರಿ ಎಂದು ಬಾಳೆಹೊನ್ನೂರು ರಂಭಾಪುರಿ ಪೀಠದ ಜಗದ್ಗುರುಗಳು ಅಭಿಪ್ರಾಯಪಟ್ಟರು. ಅವರು ರವಿವಾರ ಶರಣ ನಗರದ ದಸರಾ ಧರ್ಮ ಸಮ್ಮೇಳನದ ಉದ್ಘಾಟನಾ ಸಮಾರಂಭದಲ್ಲಿ ಆಶೀರ್ವಚನ ನೀಡಿದರು. ಪಂಚಪೀಠ ಪರಂಪರೆ ಬಹು ಪ್ರಾಚೀನವಾದುದು. ಧಾರ್ಮಿಕ ಸಂಸ್ಕೃತಿ ಮತ್ತು ಪರಂಪರೆ ಉಳಿಸಲು ಶ್ರಮಿಸುತ್ತಿದೆ.

ಮನುಷ್ಯನಾಗೋದೇ ಬಹು ಮುಖ್ಯ ಸಮಾಜಕ್ಕೆ ಇದಾಗಿದೆ. ಸರ್ವ ಜನಾಂಗದ ಶಾಂತಿಯ ತೋಟವಾಗಿರಲು ಎಲ್ಲರೂ ಶ್ರಮಿಸಬೇಕು. ಭಾವೈಕ್ಯತೆಯ ಸಂದೇಶ ಸಾರುವ ದಸರಾ ಮಹೋತ್ಸವ ನಾಡಿಗೆ ಮಾದರಿ. ಧರ್ಮ ಮತ್ತು ಸತ್ಯ ಶಕ್ತಿಗಳ ದಮನ ಮಾಡುವ ಶಕ್ತಿ ಜಗತ್ತಿನಲ್ಲಿ ಇಲ್ಲ. ದುಷ್ಟ ಶಕ್ತಿಗಳ ದಮನ ಮಾಡಿ ಸತ್ಯ ಧರ್ಮ ಉಳಿಸಬೇಕು. ಸ್ವಾರ್ಥ ರಹಿತ ಸೇವೆ ಮುಖ್ಯ ಎಂದು ಹೇಳಿದರು.

ಧರ್ಮ ಸಮ್ಮೇಳನ ನಗರದ ಶ್ರೀ ಅಕ್ಕಮಹಾದೇವಿ ವೇದಿಕೆಯಲ್ಲಿ ಜರುಗಿತು. ಮಾನವ ಧರ್ಮ ಮಂಡಳಿಯ ಕಲ್ಯಾಣ ಕರ್ನಾಟಕ ಧರ್ಮ ಸಮ್ಮೇಳನದ ಉದ್ಘಾಟನೆ ನೆರವೇರಿತು. ಎಲ್ಲ ಧರ್ಮಗಳ ಸಾರ ಒಂದೇ. ದಸರಾ ಮಹೋತ್ಸವ ದಲ್ಲಿ ಪಾಲ್ಗೊಳ್ಳುವ ಎಲ್ಲರಿಗೂ ಶುಭ ಹಾರೈಸಿದರು. ಡಾ. ಚನ್ನವೀರ ಶಿವಾಚಾರ್ಯ ಗೌರವ

ಅಧ್ಯಕ್ಷತೆ ವಹಿಸಿದ್ದರು. ಶ್ರೀ ಚನ್ನಬಸವ ಶಿವಾಚಾರ್ಯರು ಶುಭ ಸಂದೇಶ ನೀಡಿದರು. ಶ್ರೀ ಅಭಿನವ ಶಿವಾಚಾರ್ಯರು, ಶ್ರೀ ಮಹಾಂತ ಶಿವಾಚಾರ್ಯರು ಸೇರಿದಂತೆ ಹಲವು ಮಠಾಧೀಶರು ಉಪಸ್ಥಿತರಿದ್ದರು. ದಸರಾ ಧರ್ಮ ಸಮ್ಮೇಳನದಲ್ಲಿ ಅಪಾರ ಸಂಖ್ಯೆಯ ಭಕ್ತರು ಪಾಲ್ಗೊಂಡಿದ್ದರು. ಸ್ವಾಗತ ಸಮಿತಿ ಸದಸ್ಯರು ಮತ್ತು ಸಂಘಟಕರು ಕಾರ್ಯಕ್ರಮ ನಿರ್ವಹಿಸಿದರು.

ಎಲ್ಲೆಡೆಯೂ ಕ್ಷೇತ್ರದ ರೇಣುಕ ಶಿವಾಚಾರ್ಯರು, ಸಿದ್ದರಬೆಟ್ಟದ ಶ್ರೀ ವೀರಭದ್ರ ಶಿವಾಚಾರ್ಯರು, ಮಳಲಿ ಮಠದ ಡಾ. ನಾಗಭೂಷಣ ಶಿವಾಚಾರ್ಯರು, ಚಿನ್ಮಯಗಿರಿ ಸಿದ್ದರಾಮ ಶಿವಾಚಾರ್ಯರು, ಶ್ರೀ ವಿಮಲರೇಣುಕ ವೀರಮುಕ್ತಿಮುನಿ ಶಿವಾಚಾರ್ಯರು, ಶ್ರೀ ಗಂಗಾಧರ ಶಿವಾಚಾರ್ಯರು, ಶ್ರೀ ಅಭಿನವ ಗುರುಸಿದ್ಧ ಶಿವಾಚಾರ್ಯರು, ಶ್ರೀ ಸಿದ್ದೇಶ್ವರ ಶಿವಾಚಾರ್ಯರು ಬಸವಕಲ್ಯಾಣ ಪೀಠದ ಜಗದ್ಗುರುಗಳು ಉಪಸ್ಥಿತರಿದ್ದರು. ಬಸವಕಲ್ಯಾಣದ ಹಿರೇಮಠ ಸಂಸ್ಥಾನದ ಸ್ವಾಮಿಗಳು ಹಾಗೂ ಗಣ್ಯರು ಭಾಗವಹಿಸಿದ್ದರು. ಶ್ರೀ ಜಗದ್ಗುರು ಪಂಚಾಚಾರ್ಯರ ಪೂಜೆ ನೆರವೇರಿತು. ಶ್ರೀಶೈಲ ಜಗದ್ಗುರುಗಳು ಆಶೀರ್ವಚನ ನೀಡಿದರು. ರಾಜೇಶ್ವರ ನಿರೂಪಿಸಿದರು.

ಪಿತೃ ಪಕ್ಷ : ಪಿತೃಗಳ ತ್ಯಾಗ ಸ್ಮರಿಸುವುದು

ಕಲಬುರಗಿ: ಸೆ.22:ಪಿತೃಗಳ ತ್ಯಾಗವನ್ನು ಸ್ಮರಿಸುವ ಈ ಕರ್ಮವು ಅತ್ಯಂತ ಮಹತ್ವದ್ದು. ಹಿರಿಯರ ಆಶೀರ್ವಾದ ನಮ್ಮ ವಂಶದ ಉಜ್ವಲ ಭವಿಷ್ಯಕ್ಕೆ ದಾರಿಯಾಗುತ್ತದೆ. ತಂದೆ ತಾಯಿಯರನ್ನು ಹಿರಿಯರನ್ನು ಸ್ಮರಿಸುವ ಪಿಂಡ ಪ್ರದಾನವು ಪಂಚಭೂತದಲ್ಲಿ ತಾಯಿಯಾಗಿ ಸ್ಮರಿಸುವುದರಿಂದ ಸಂಪತ್ತು ಮತ್ತು ಐಶ್ವರ್ಯ ವೃದ್ಧಿಗೆ ಕಾರಣವಾಗುತ್ತದೆ ಎಂದು ವಿದ್ವಾಂಸರಾದ ಪಂಡಿತ್ ಶ್ರೀ

ಗೋಪಾಲಾಚಾರ್ಯ ಅಕಮಂಚಿ ಹೇಳಿದರು. ಕರುಣೇಶ್ವರ ನಗರದಲ್ಲಿರುವ ಶ್ರೀ ವೀರ ಹನುಮಾನ ಮಂದಿರದಲ್ಲಿ ಪಿತೃಪಕ್ಷ (ಮಹಾಲಯ ಪಕ್ಷ) ಕಾರ್ಯಕ್ರಮದ ಪ್ರಥಮ ದಿನ (ಸೆಪ್ಟೆಂಬರ್ 8) ದಿಂದ (ಸೆಪ್ಟೆಂಬರ್ 21) ರವರೆಗೆ ಪಿತೃಪಕ್ಷದ ಮಹಾಲಯ ಪಕ್ಷದ ಅಂಗವಾಗಿ ಶ್ರಾದ್ಧ ಪಿಂಡಪ್ರದಾನ ಕರ್ಮಗಳನ್ನು

ಮಾಡಿದ ಕರ್ಮಗಳನ್ನು ಉದ್ದೇಶಿಸಿ ಪಿತೃ ಪಕ್ಷ ಎಲ್ಲ ಹಿರಿಯರ ಸ್ಮರಣೆ ಮಾಡುವ ಕಾರ್ಯ. ಮುಂದಿನ ಪೀಳಿಗೆಗೆ ಈ ಸಂಸ್ಕೃತಿ ಮುಂದುವರಿಸಬೇಕು ಎಂದು ಮಾರ್ಗದರ್ಶನ ನೀಡಿದರು. ಮಹಾಲಯ ಪಕ್ಷದ ಅಂಗವಾಗಿ ಶ್ರಾದ್ಧ, ಪಿಂಡಪ್ರದಾನ ಮಾಡುವುದು ಶ್ರೇಷ್ಠ ಕರ್ಮ. ಶ್ರೀ ಮಹಾವೀರ ಸಮಿತಿ ವತಿಯಿಂದ ಕಾರ್ಯಕ್ರಮ ನೆರವೇರಿಸಲಾಯಿತು.

"ಪಿತೃಪಕ್ಷವು ಪೂರ್ವಜರ ಆತ್ಮಗಳಿಗೆ ಶ್ರದ್ಧೆಯಿಂದ ತರ್ಪಣ, ಶ್ರಾದ್ಧ, ಪಿಂಡಪ್ರದಾನ ಮಾಡುವ ಪುಣ್ಯಕಾಲ" ಎಂದು ಸ್ಮರಿಸಿ, ಈ ಮಹತ್ವದ ದಿನದಂದು ನಮ್ಮ ಪೂರ್ವಜರನ್ನು ಶ್ರದ್ಧಾಂಜಲಿ ಸಲ್ಲಿಸಲಾಯಿತು. ಶ್ರೀ ವೀರ ಹನುಮಾನ ದೇವಸ್ಥಾನ ಸಮಿತಿ ಅಧ್ಯಕ್ಷರಾದ ಶ್ರೀ ಕಿರಣರಾವ್ ಮುಮಾಗೋರಿಜಾ ಮತ್ತು ಪುರೋಹಿತರು, ಕುಲಕರ್ಣಿ ಶ್ರೀನಿವಾಸ ಹಾಗೂ ಪ್ರಮುಖರಿದ್ದರು.

ವಿಠ್ಠಲ್ ಜಾಲಿಹಾಳ, ವಿಶ್ವನಾಥ ಮೊಕಾಶಿ, ವಿನೋದ ಜೋಶಿ, ಡಾ. ಸುದೀಂದ್ರ ಕುಲಕರ್ಣಿ, ನಿತಿನ್ ಜೋಶಿ, ವಿನೋದ ನವಲೆ, ಆರ್.ಕೆ. ಕುಲಕರ್ಣಿ, ಜಯತೀರ್ಥ ಜೋಶಿ, ಸಮೀರ ಕುಲಕರ್ಣಿ, ಲಕ್ಷ್ಮೀಕಾಂತರಾವ ಕುಲಕರ್ಣಿ, ಶ್ರೀಕಾಂತ ದೇಶಪಾಂಡೆ, ಪ್ರಹ್ಲಾದ ಕುಲಕರ್ಣಿ, ವಿಜಯ ಕುಲಕರ್ಣಿ, ಭಾರತಿ ಕುಲಕರ್ಣಿ, ಲಲಿತಾ ಕುಲಕರ್ಣಿ, ಕೃಷ್ಣ ಮಮಲೇಕರ, ಸೇರಿದಂತೆ ಹಲವರು ಭಾಗವಹಿಸಿದ್ದರು.

ಶಾಮರಾವ ಕುಲಕರ್ಣಿ, ಚಂದ್ರಕಾಂತ ಕಡಗಂಚಿ, ಶಾಮರಾವ ಕುಲಕರ್ಣಿ, ಪ್ರಾಣೇಶ ಜೋಶಿ, ವೆಂಕಟೇಶಾಚಾರ್ಯ ಕುಲಕರ್ಣಿ, ನಿತಿನ್ ಕುಲಕರ್ಣಿ, ಶಿವರಾಯ ಕುಲಕರ್ಣಿ, ಚಿದಂಬರ ದೇಶಪಾಂಡೆ, ಅಮಿತ ಕುಲಕರ್ಣಿ, ಕಿಶೋರ ಸೇರಿದಂತೆ ಸದಸ್ಯರು.

ಪುರಾಣಿಕ, ಅರ್ಚಕರಾದ ಪ್ರದ್ಯುಮ್ನಾಚಾರ್ಯ ಜೋಶಿ, ವೆಂಕಟೇಶಾಚಾರ್ಯ ಜೋಶಿ, ಮಿಲಿಂದ ಜೋಶಿ, ಮಹಿಮ ವ್ಯವಸ್ಥಾಪಕರಾದ ಚಂದ್ರಕಾಂತ ಕಡಗಂಚಿ ಸೇರಿದಂತೆ ದೇವಸ್ಥಾನ

ಸಮಿತಿಯ ಪದಾಧಿಕಾರಿಗಳು, ಭಜನಾ ಮಂಡಳಿ, ನಾರಾಯಣ ಸಂಘದ ಸದಸ್ಯರು, ಮಹಿಳಾ ಪ್ರತಿನಿಧಿಗಳು, ಭಕ್ತರು ಹೆಚ್ಚಿನ ಸಂಖ್ಯೆಯಲ್ಲಿ ಹಾಜರಿದ್ದರು.
